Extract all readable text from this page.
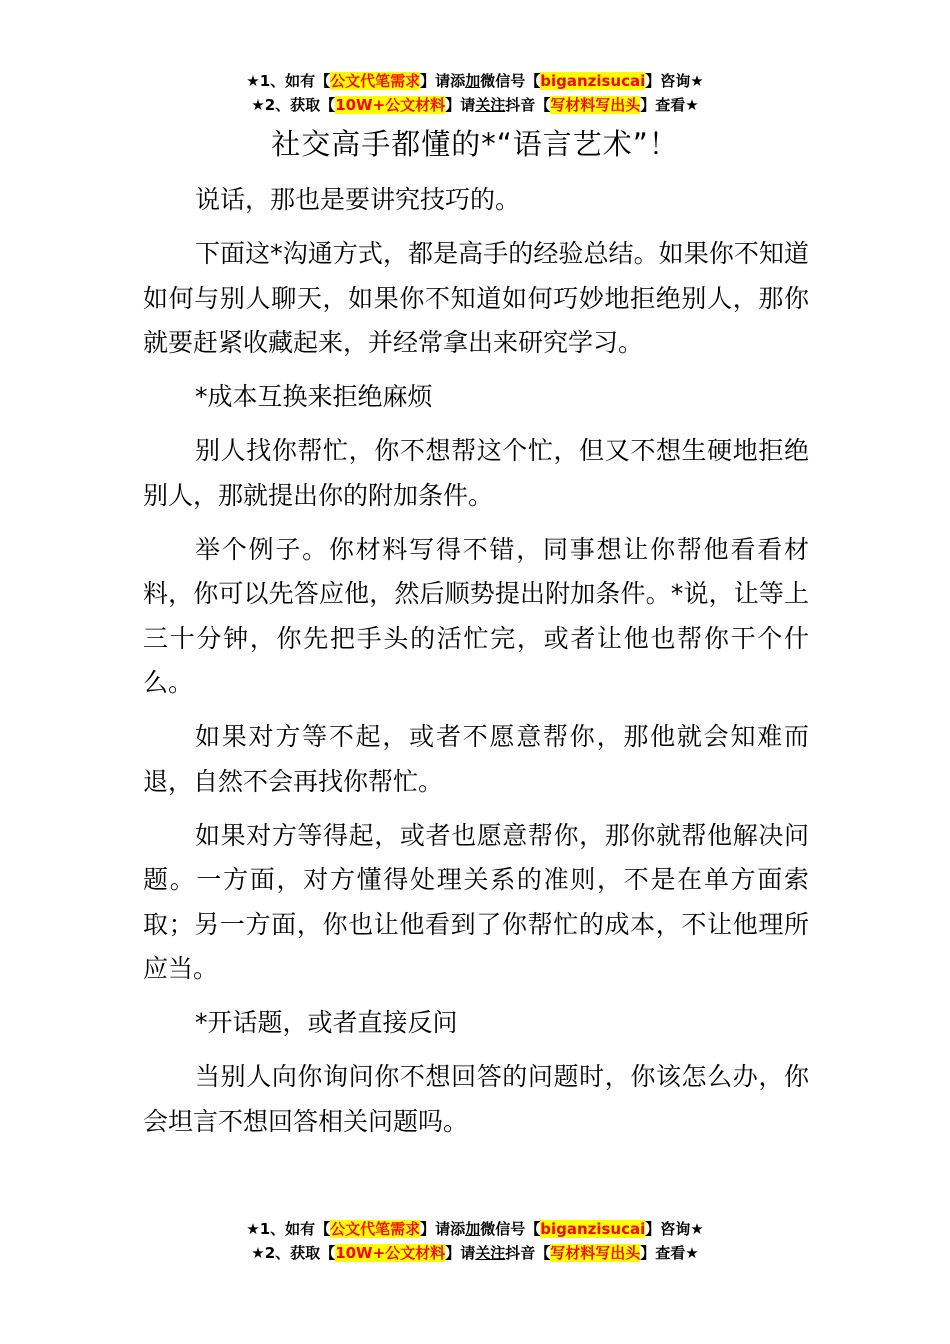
★1、如有【公文代笔需求】请添加微信号【biganzisucai】咨询★
★2、获取【10W+公文材料】请关注抖音【写材料写出头】查看★
社交高手都懂的*“语言艺术”！

说话，那也是要讲究技巧的。

下面这*沟通方式，都是高手的经验总结。如果你不知道如何与别人聊天，如果你不知道如何巧妙地拒绝别人，那你就要赶紧收藏起来，并经常拿出来研究学习。

*成本互换来拒绝麻烦

别人找你帮忙，你不想帮这个忙，但又不想生硬地拒绝别人，那就提出你的附加条件。

举个例子。你材料写得不错，同事想让你帮他看看材料，你可以先答应他，然后顺势提出附加条件。*说，让等上三十分钟，你先把手头的活忙完，或者让他也帮你干个什么。

如果对方等不起，或者不愿意帮你，那他就会知难而退，自然不会再找你帮忙。

如果对方等得起，或者也愿意帮你，那你就帮他解决问题。一方面，对方懂得处理关系的准则，不是在单方面索取；另一方面，你也让他看到了你帮忙的成本，不让他理所应当。

*开话题，或者直接反问

当别人向你询问你不想回答的问题时，你该怎么办，你会坦言不想回答相关问题吗。

★1、如有【公文代笔需求】请添加微信号【biganzisucai】咨询★
★2、获取【10W+公文材料】请关注抖音【写材料写出头】查看★
